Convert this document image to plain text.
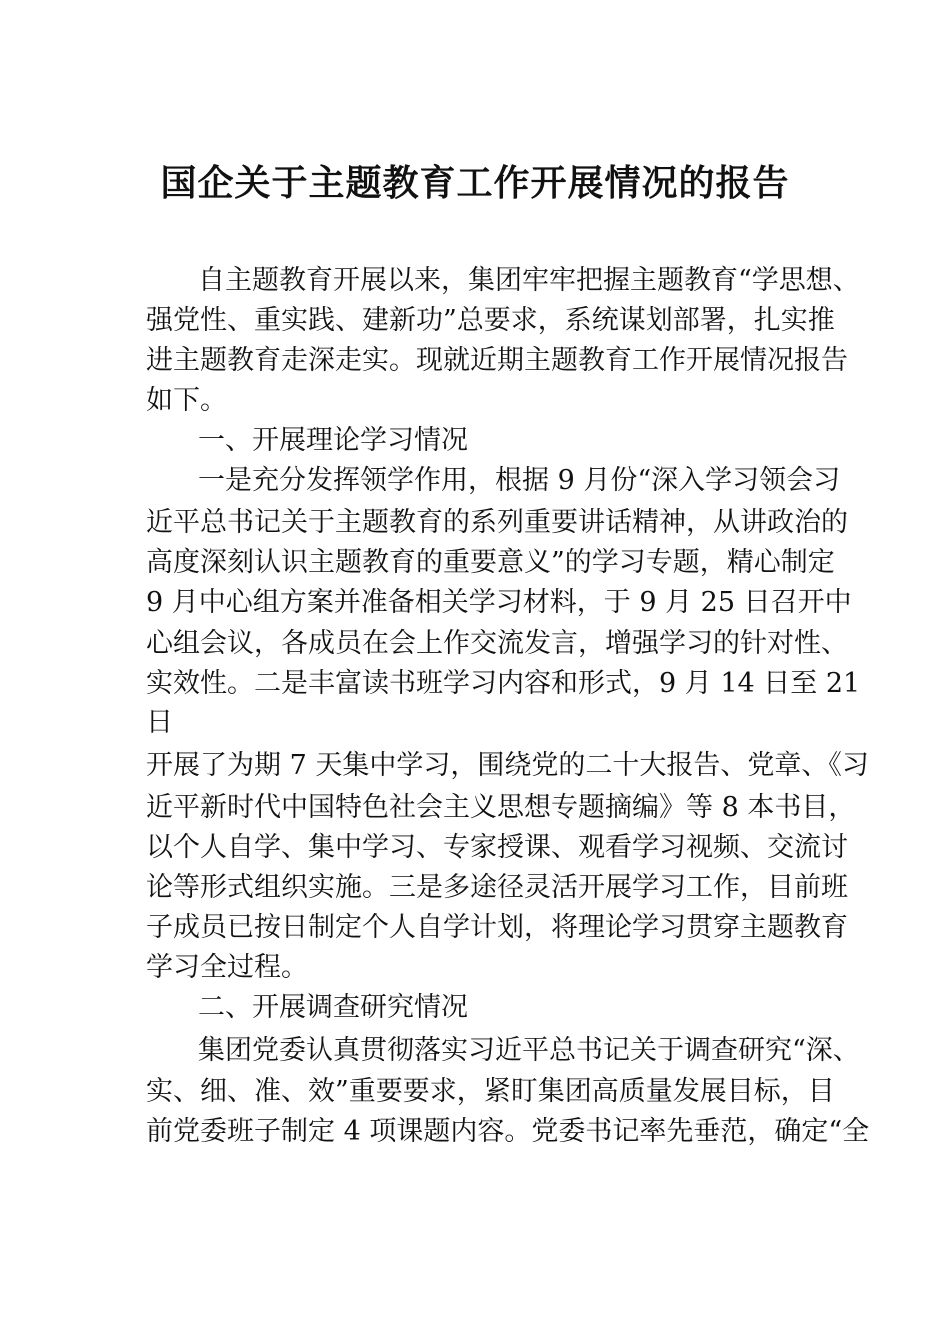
国企关于主题教育工作开展情况的报告

自主题教育开展以来，集团牢牢把握主题教育“学思想、

强党性、重实践、建新功”总要求，系统谋划部署，扎实推

进主题教育走深走实。现就近期主题教育工作开展情况报告

如下。

一、开展理论学习情况

一是充分发挥领学作用，根据 9 月份“深入学习领会习

近平总书记关于主题教育的系列重要讲话精神，从讲政治的

高度深刻认识主题教育的重要意义”的学习专题，精心制定

9 月中心组方案并准备相关学习材料，于 9 月 25 日召开中

心组会议，各成员在会上作交流发言，增强学习的针对性、

实效性。二是丰富读书班学习内容和形式，9 月 14 日至 21

日

开展了为期 7 天集中学习，围绕党的二十大报告、党章、《习

近平新时代中国特色社会主义思想专题摘编》等 8 本书目，

以个人自学、集中学习、专家授课、观看学习视频、交流讨

论等形式组织实施。三是多途径灵活开展学习工作，目前班

子成员已按日制定个人自学计划，将理论学习贯穿主题教育

学习全过程。

二、开展调查研究情况

集团党委认真贯彻落实习近平总书记关于调查研究“深、

实、细、准、效”重要要求，紧盯集团高质量发展目标，目

前党委班子制定 4 项课题内容。党委书记率先垂范，确定“全
